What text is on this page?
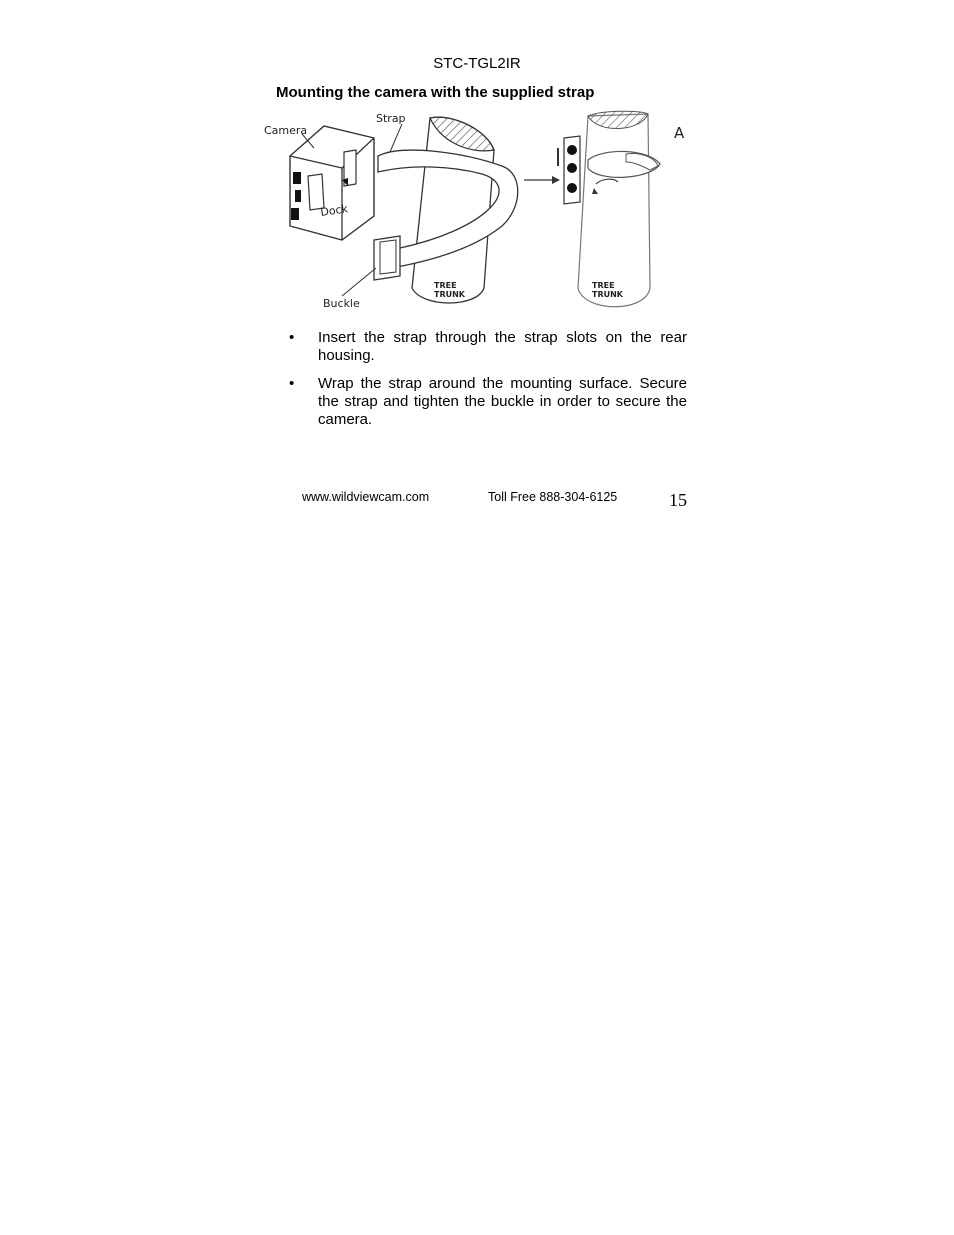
STC-TGL2IR
Mounting the camera with the supplied strap
Camera
Strap
Dock
Buckle
TREE
TRUNK
TREE
TRUNK
A
• Insert the strap through the strap slots on the rear housing.
• Wrap the strap around the mounting surface. Secure the strap and tighten the buckle in order to secure the camera.
www.wildviewcam.com	Toll Free 888-304-6125	15
